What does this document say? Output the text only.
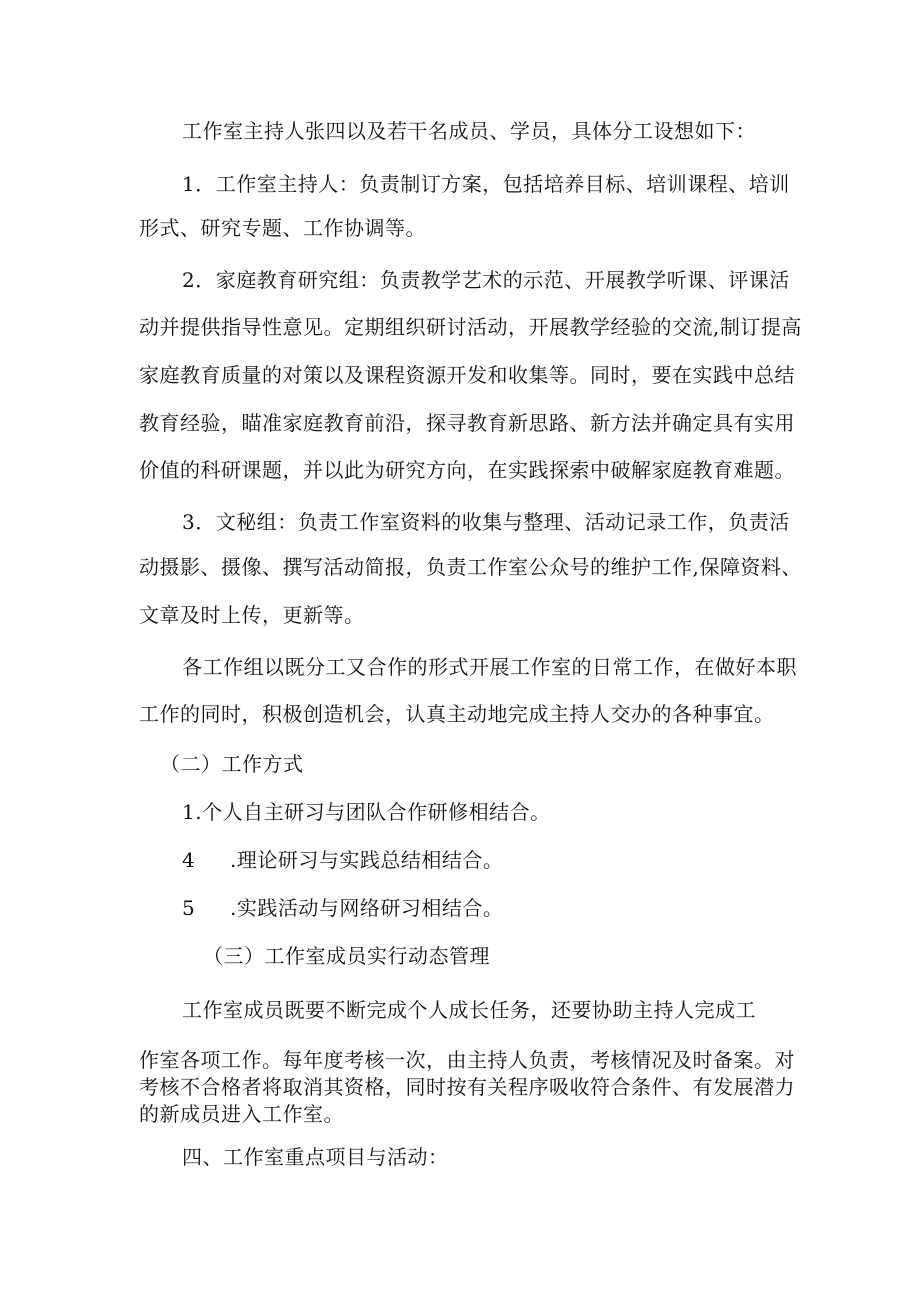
工作室主持人张四以及若干名成员、学员，具体分工设想如下：
1．工作室主持人：负责制订方案，包括培养目标、培训课程、培训
形式、研究专题、工作协调等。
2．家庭教育研究组：负责教学艺术的示范、开展教学听课、评课活
动并提供指导性意见。定期组织研讨活动，开展教学经验的交流,制订提高
家庭教育质量的对策以及课程资源开发和收集等。同时，要在实践中总结
教育经验，瞄准家庭教育前沿，探寻教育新思路、新方法并确定具有实用
价值的科研课题，并以此为研究方向，在实践探索中破解家庭教育难题。
3．文秘组：负责工作室资料的收集与整理、活动记录工作，负责活
动摄影、摄像、撰写活动简报，负责工作室公众号的维护工作,保障资料、
文章及时上传，更新等。
各工作组以既分工又合作的形式开展工作室的日常工作，在做好本职
工作的同时，积极创造机会，认真主动地完成主持人交办的各种事宜。
（二）工作方式
1.个人自主研习与团队合作研修相结合。
4 .理论研习与实践总结相结合。
5 .实践活动与网络研习相结合。
（三）工作室成员实行动态管理
工作室成员既要不断完成个人成长任务，还要协助主持人完成工
作室各项工作。每年度考核一次，由主持人负责，考核情况及时备案。对
考核不合格者将取消其资格，同时按有关程序吸收符合条件、有发展潜力
的新成员进入工作室。
四、工作室重点项目与活动：
